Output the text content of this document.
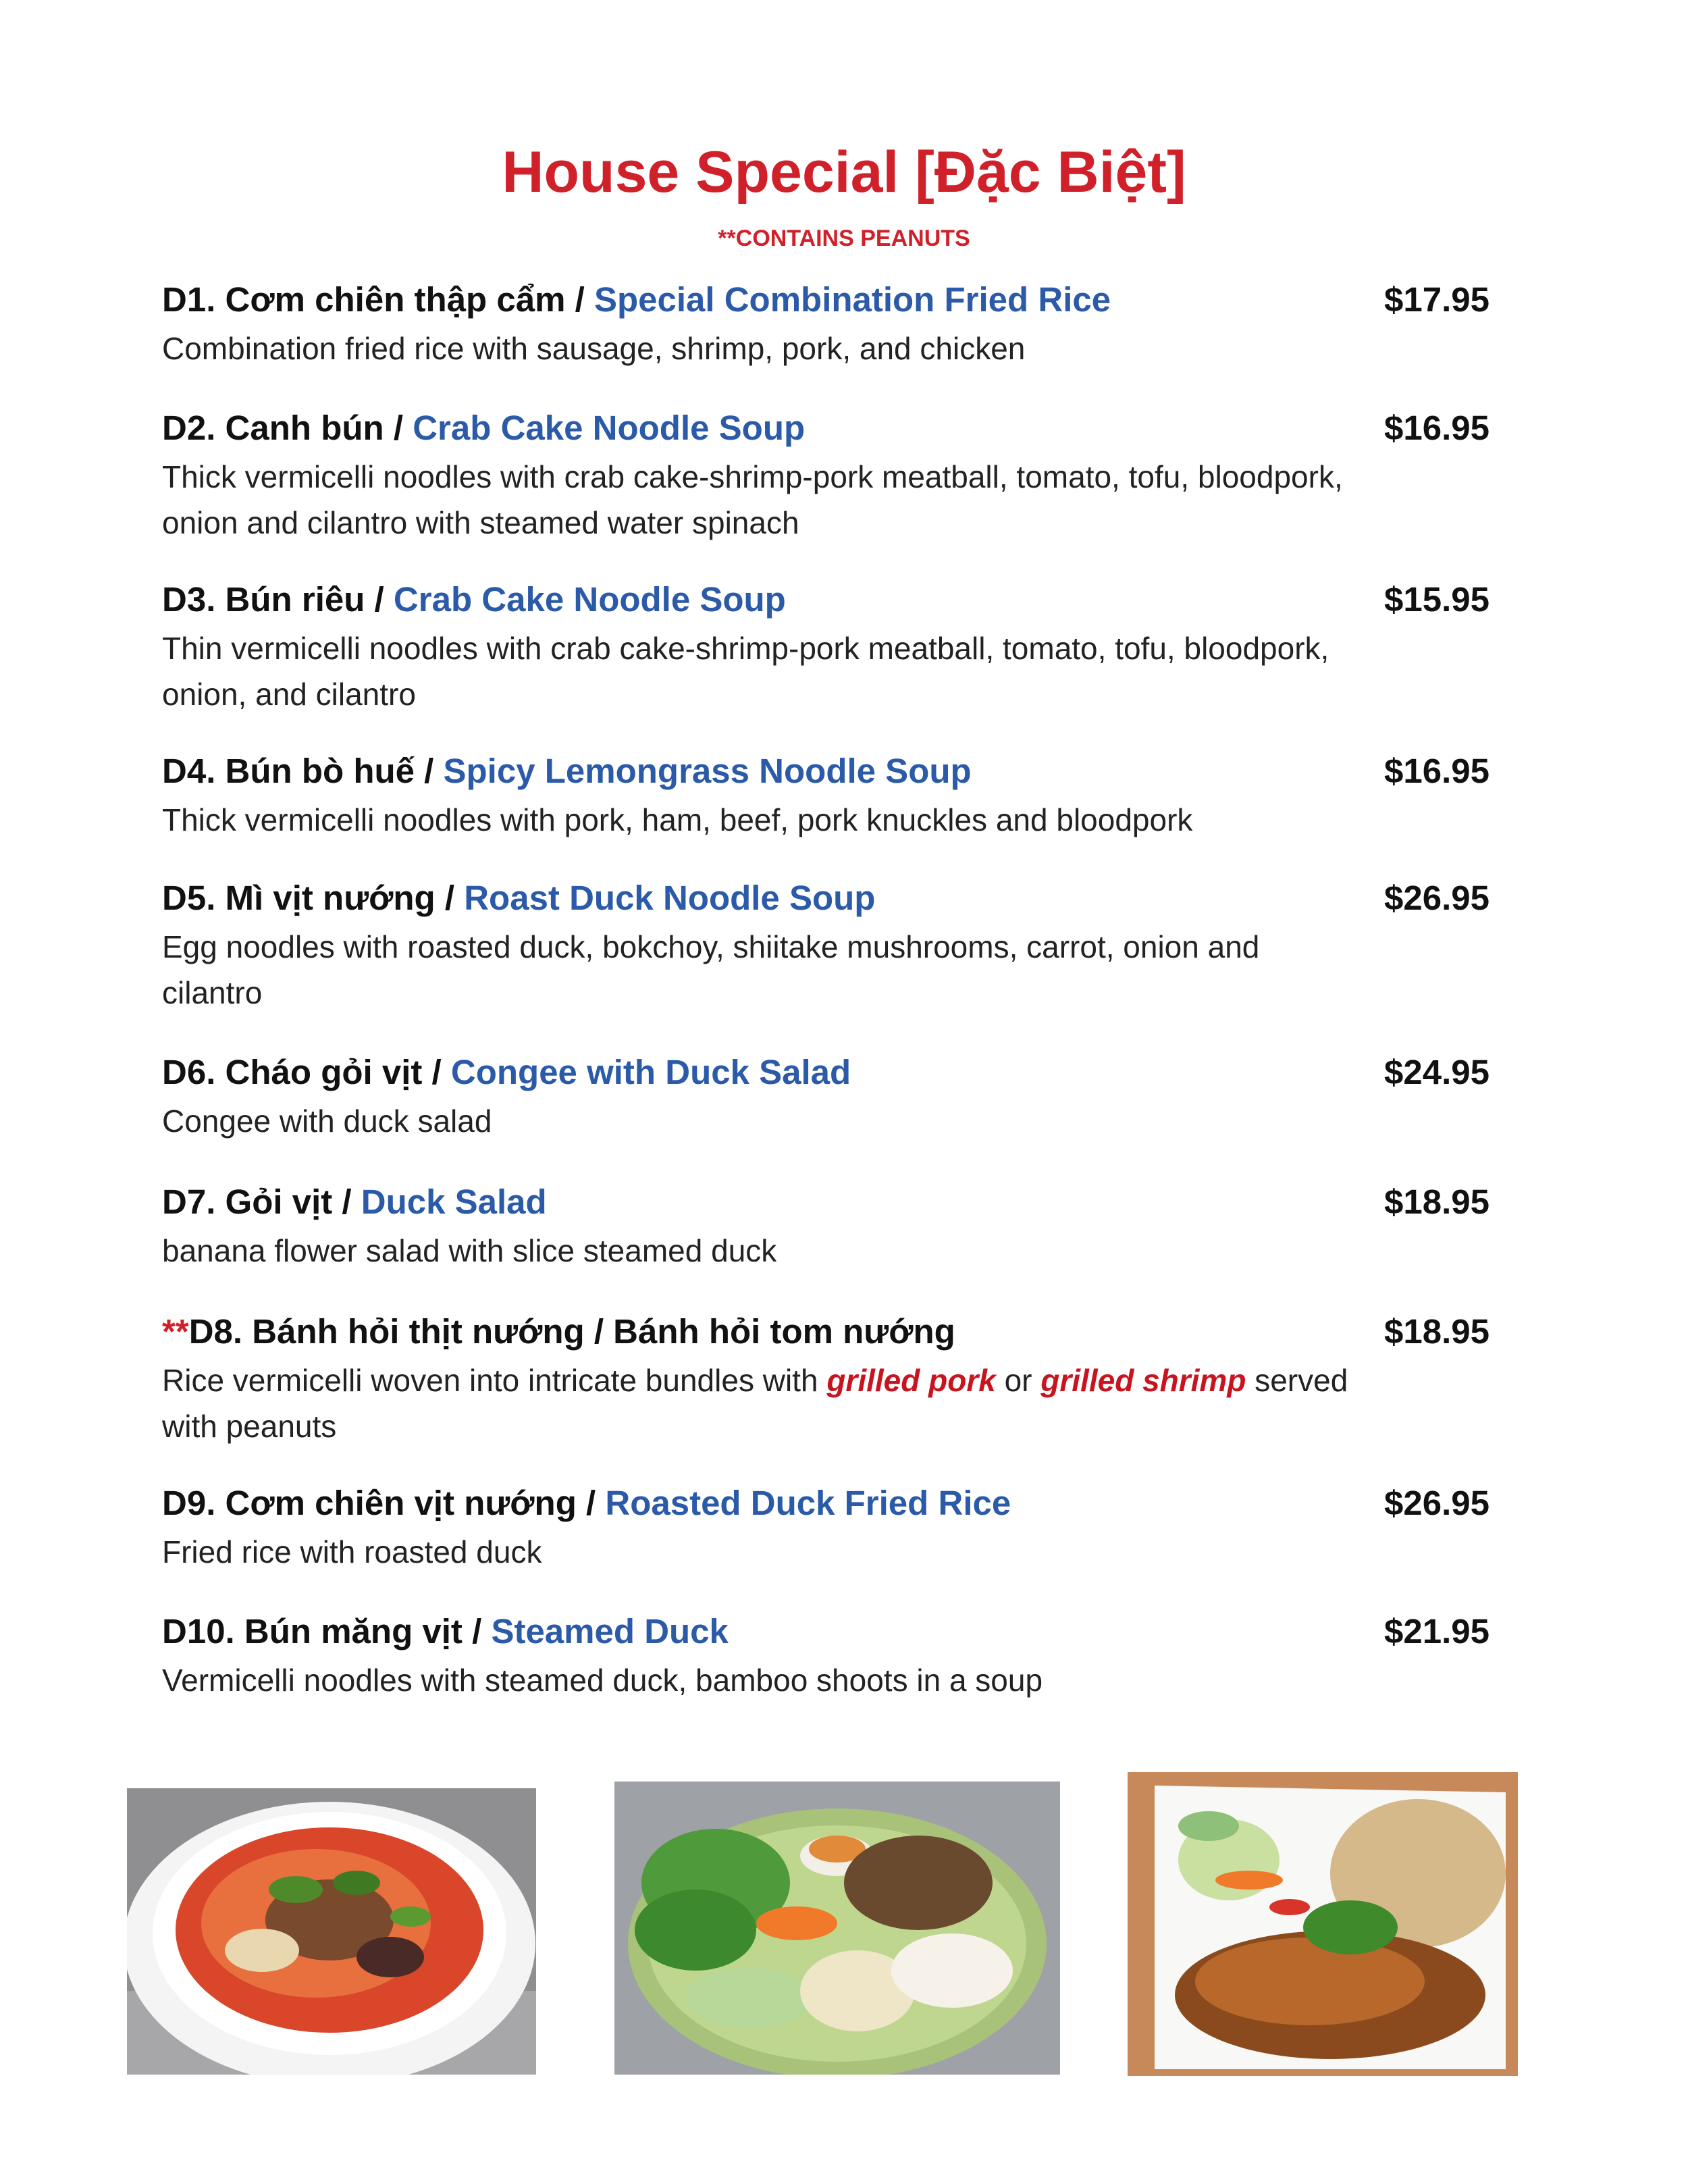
House Special [Đặc Biệt]
**CONTAINS PEANUTS
D1. Cơm chiên thập cẩm / Special Combination Fried Rice
Combination fried rice with sausage, shrimp, pork, and chicken
$17.95
D2. Canh bún / Crab Cake Noodle Soup
Thick vermicelli noodles with crab cake-shrimp-pork meatball, tomato, tofu, bloodpork, onion and cilantro with steamed water spinach
$16.95
D3. Bún riêu / Crab Cake Noodle Soup
Thin vermicelli noodles with crab cake-shrimp-pork meatball, tomato, tofu, bloodpork, onion, and cilantro
$15.95
D4. Bún bò huế / Spicy Lemongrass Noodle Soup
Thick vermicelli noodles with pork, ham, beef, pork knuckles and bloodpork
$16.95
D5. Mì vịt nướng / Roast Duck Noodle Soup
Egg noodles with roasted duck, bokchoy, shiitake mushrooms, carrot, onion and cilantro
$26.95
D6. Cháo gỏi vịt / Congee with Duck Salad
Congee with duck salad
$24.95
D7. Gỏi vịt / Duck Salad
banana flower salad with slice steamed duck
$18.95
**D8. Bánh hỏi thịt nướng / Bánh hỏi tom nướng
Rice vermicelli woven into intricate bundles with grilled pork or grilled shrimp served with peanuts
$18.95
D9. Cơm chiên vịt nướng / Roasted Duck Fried Rice
Fried rice with roasted duck
$26.95
D10. Bún măng vịt / Steamed Duck
Vermicelli noodles with steamed duck, bamboo shoots in a soup
$21.95
